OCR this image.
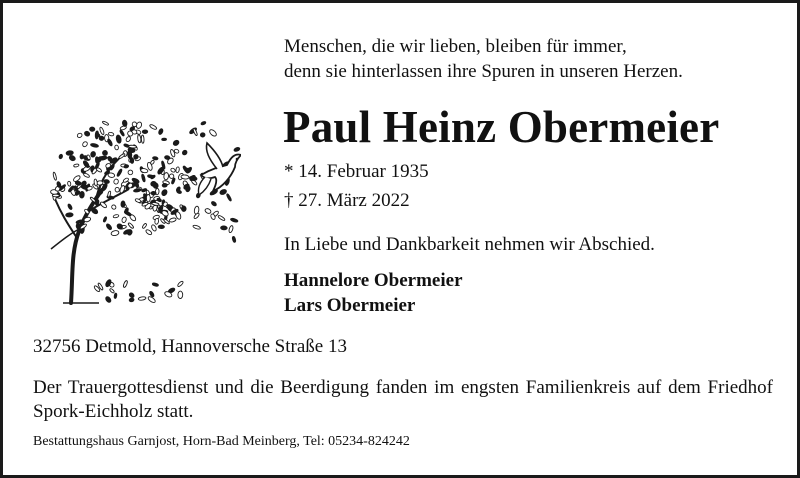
Menschen, die wir lieben, bleiben für immer,
denn sie hinterlassen ihre Spuren in unseren Herzen.
Paul Heinz Obermeier
* 14. Februar 1935
† 27. März 2022
In Liebe und Dankbarkeit nehmen wir Abschied.
Hannelore Obermeier
Lars Obermeier
32756 Detmold, Hannoversche Straße 13
Der Trauergottesdienst und die Beerdigung fanden im engsten Familienkreis auf dem Friedhof Spork-Eichholz statt.
Bestattungshaus Garnjost, Horn-Bad Meinberg, Tel: 05234-824242
